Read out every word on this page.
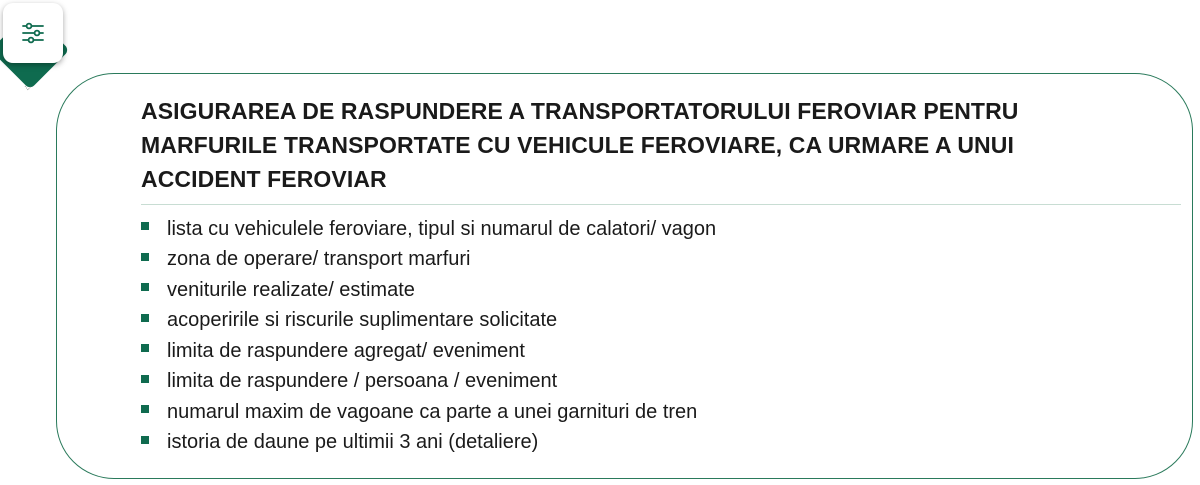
ASIGURAREA DE RASPUNDERE A TRANSPORTATORULUI FEROVIAR PENTRU MARFURILE TRANSPORTATE CU VEHICULE FEROVIARE, CA URMARE A UNUI ACCIDENT FEROVIAR
lista cu vehiculele feroviare, tipul si numarul de calatori/ vagon
zona de operare/ transport marfuri
veniturile realizate/ estimate
acoperirile si riscurile suplimentare solicitate
limita de raspundere agregat/ eveniment
limita de raspundere / persoana / eveniment
numarul maxim de vagoane ca parte a unei garnituri de tren
istoria de daune pe ultimii 3 ani (detaliere)
